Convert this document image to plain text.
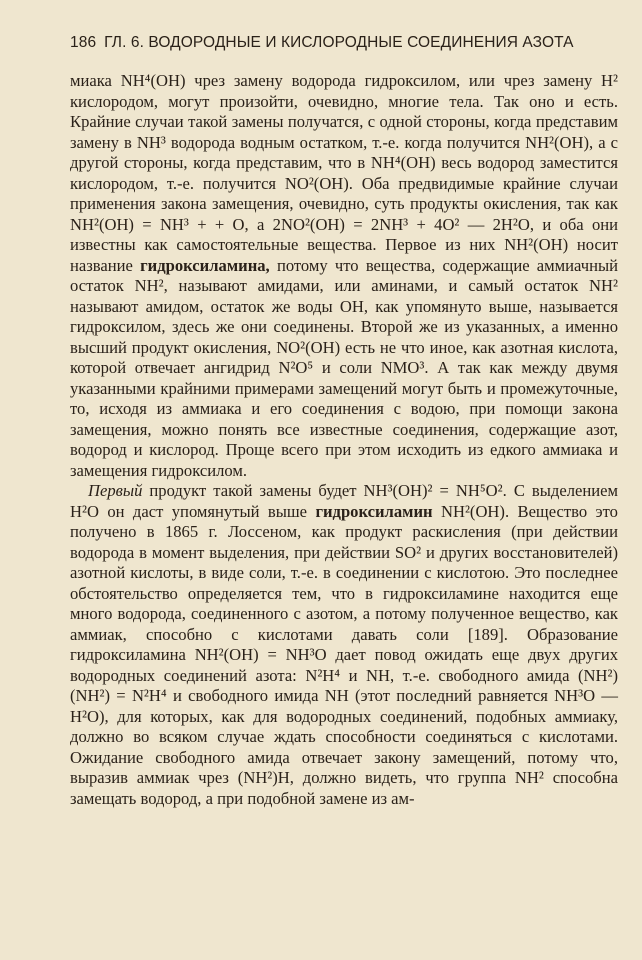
186 ГЛ. 6. ВОДОРОДНЫЕ И КИСЛОРОДНЫЕ СОЕДИНЕНИЯ АЗОТА

миака NH⁴(OH) чрез замену водорода гидроксилом, или чрез замену H² кислородом, могут произойти, очевидно, многие тела. Так оно и есть. Крайние случаи такой замены получатся, с одной стороны, когда представим замену в NH³ водорода водным остатком, т.-е. когда получится NH²(OH), а с другой стороны, когда представим, что в NH⁴(OH) весь водород заместится кислородом, т.-е. получится NO²(OH). Оба предвидимые крайние случаи применения закона замещения, очевидно, суть продукты окисления, так как NH²(OH) = NH³ + + O, а 2NO²(OH) = 2NH³ + 4O² — 2H²O, и оба они известны как самостоятельные вещества. Первое из них NH²(OH) носит название гидроксиламина, потому что вещества, содержащие аммиачный остаток NH², называют амидами, или аминами, и самый остаток NH² называют амидом, остаток же воды OH, как упомянуто выше, называется гидроксилом, здесь же они соединены. Второй же из указанных, а именно высший продукт окисления, NO²(OH) есть не что иное, как азотная кислота, которой отвечает ангидрид N²O⁵ и соли NMO³. А так как между двумя указанными крайними примерами замещений могут быть и промежуточные, то, исходя из аммиака и его соединения с водою, при помощи закона замещения, можно понять все известные соединения, содержащие азот, водород и кислород. Проще всего при этом исходить из едкого аммиака и замещения гидроксилом.

Первый продукт такой замены будет NH³(OH)² = NH⁵O². С выделением H²O он даст упомянутый выше гидроксиламин NH²(OH). Вещество это получено в 1865 г. Лоссеном, как продукт раскисления (при действии водорода в момент выделения, при действии SO² и других восстановителей) азотной кислоты, в виде соли, т.-е. в соединении с кислотою. Это последнее обстоятельство определяется тем, что в гидроксиламине находится еще много водорода, соединенного с азотом, а потому полученное вещество, как аммиак, способно с кислотами давать соли [189]. Образование гидроксиламина NH²(OH) = NH³O дает повод ожидать еще двух других водородных соединений азота: N²H⁴ и NH, т.-е. свободного амида (NH²)(NH²) = N²H⁴ и свободного имида NH (этот последний равняется NH³O — H²O), для которых, как для водородных соединений, подобных аммиаку, должно во всяком случае ждать способности соединяться с кислотами. Ожидание свободного амида отвечает закону замещений, потому что, выразив аммиак чрез (NH²)H, должно видеть, что группа NH² способна замещать водород, а при подобной замене из ам-
